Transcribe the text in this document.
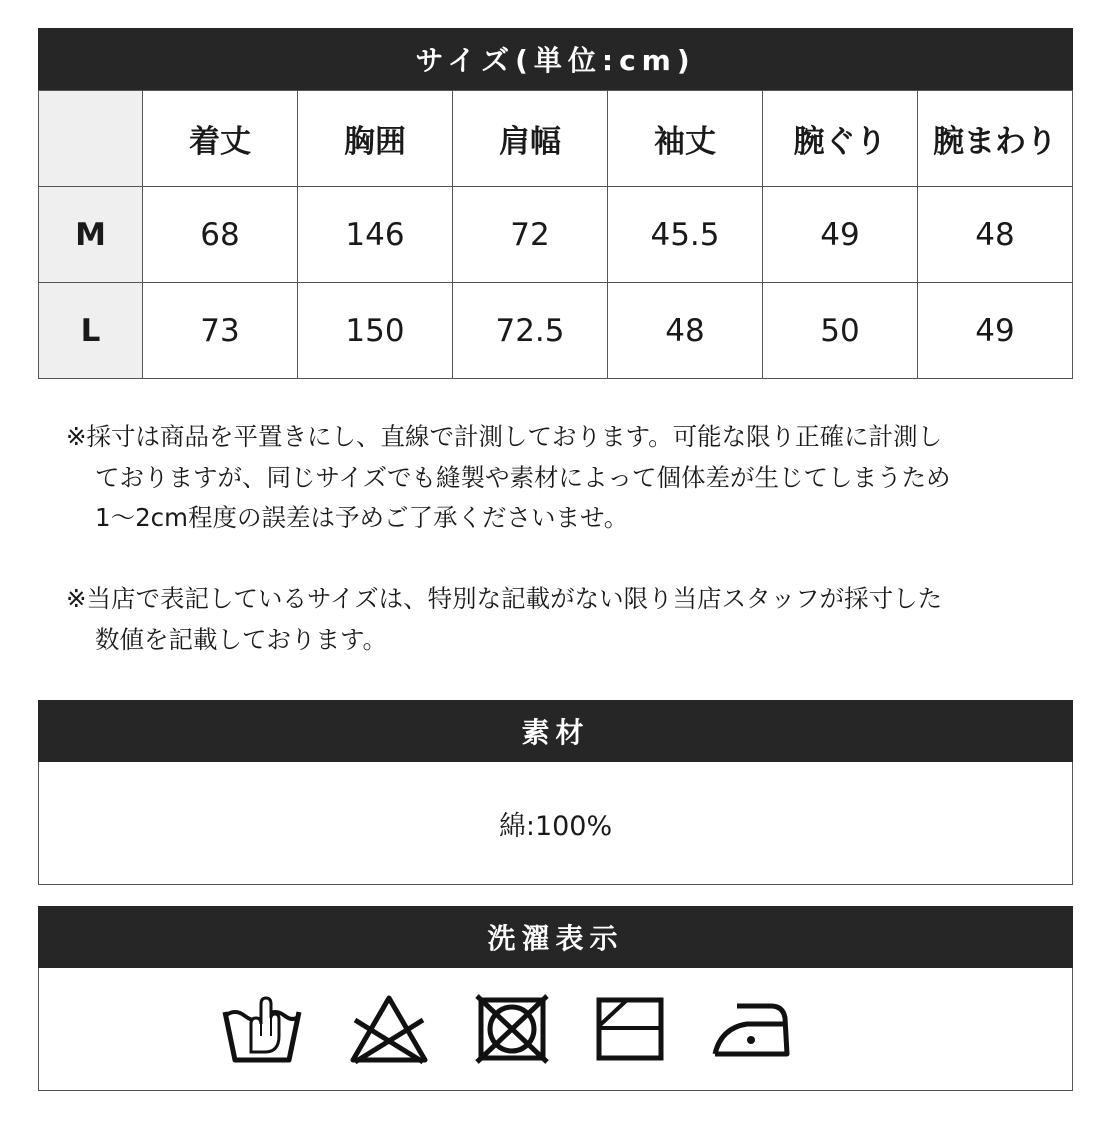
サイズ(単位:cm)
	着丈	胸囲	肩幅	袖丈	腕ぐり	腕まわり
M	68	146	72	45.5	49	48
L	73	150	72.5	48	50	49

※採寸は商品を平置きにし、直線で計測しております。可能な限り正確に計測し

ておりますが、同じサイズでも縫製や素材によって個体差が生じてしまうため

1〜2cm程度の誤差は予めご了承くださいませ。

※当店で表記しているサイズは、特別な記載がない限り当店スタッフが採寸した

数値を記載しております。

素材
綿:100%
洗濯表示
